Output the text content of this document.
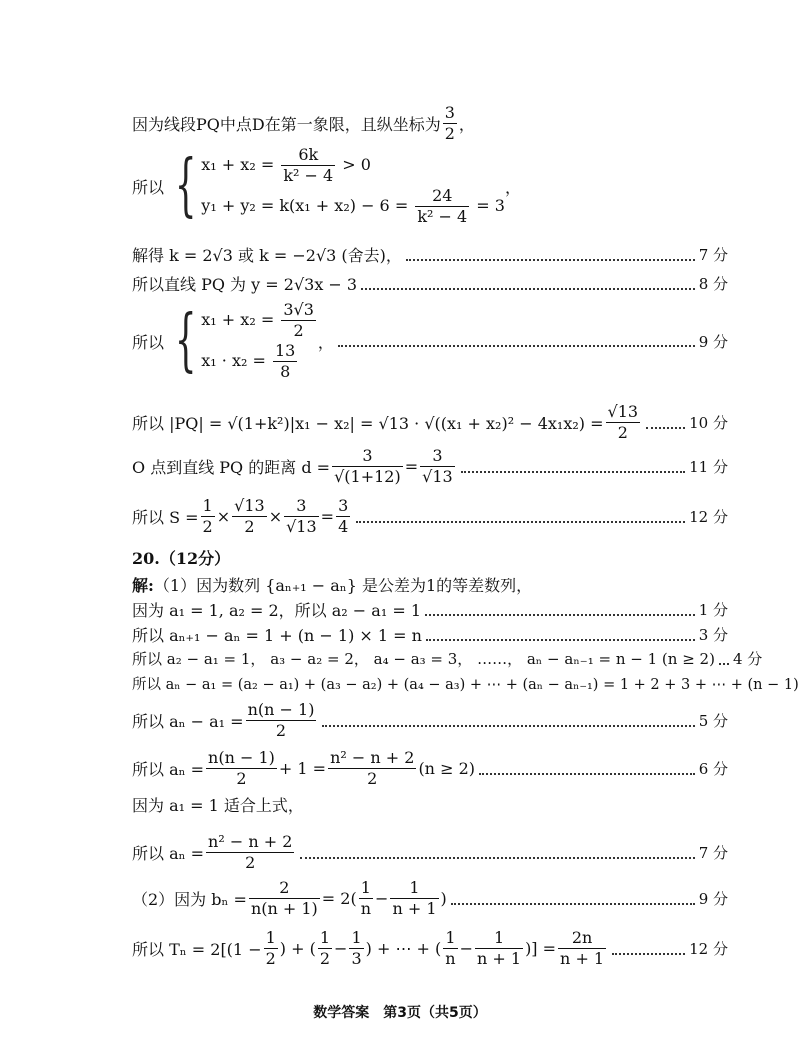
因为线段PQ中点D在第一象限，且纵坐标为 $\frac{3}{2}$ ，
所以 { $x_1 + x_2 = \frac{6k}{\text{k² − 4}} > 0$
$y_1 + y_2 = k(x_1 + x_2) - 6 = \frac{24}{\text{k² − 4}} = 3$
，
解得 k = 2√3 或 k = −2√3 (舍去)，	7 分
所以直线 PQ 为 y = 2√3x − 3	8 分
所以 { $x_1 + x_2 = \frac{3√3}{2}$
$x_1 \cdot x_2 = \frac{13}{8}$ ，	9 分
所以 $|PQ| = √(1+k^2)|x_1 - x_2| = √13 \cdot √((x_1 + x_2)^2 - 4x_1x_2) = \frac{√13}{2}$	10 分
O 点到直线 PQ 的距离 $d = \frac{3}{√(1+12)} = \frac{3}{√13}$	11 分
所以 $S = \frac{1}{2} \times \frac{√13}{2} \times \frac{3}{√13} = \frac{3}{4}$	12 分
20.（12分）
解: （1）因为数列 {aₙ₊₁ − aₙ} 是公差为1的等差数列，
因为 a₁ = 1, a₂ = 2，所以 a₂ − a₁ = 1	1 分
所以 aₙ₊₁ − aₙ = 1 + (n − 1) × 1 = n	3 分
所以 a₂ − a₁ = 1， a₃ − a₂ = 2， a₄ − a₃ = 3， ……， aₙ − aₙ₋₁ = n − 1 (n ≥ 2) 4 分
所以 aₙ − a₁ = (a₂ − a₁) + (a₃ − a₂) + (a₄ − a₃) + ⋯ + (aₙ − aₙ₋₁) = 1 + 2 + 3 + ⋯ + (n − 1)
所以 $a_n - a_1 = \frac{n(n - 1)}{2}$	5 分
所以 $a_n = \frac{n(n - 1)}{2} + 1 = \frac{\text{n² − n + 2}}{2} (n \ge 2)$	6 分
因为 a₁ = 1 适合上式，
所以 $a_n = \frac{\text{n² − n + 2}}{2}$	7 分
（2）因为 $b_n = \frac{2}{n(n + 1)} = 2( \frac{1}{n} - \frac{1}{n + 1}$ )	9 分
所以 $T_n = 2[(1 - \frac{1}{2}$ ) + ( $\frac{1}{2} - \frac{1}{3}$ ) + ⋯ + ( $\frac{1}{n} - \frac{1}{n + 1}$ )] = $\frac{2n}{n + 1}$	12 分
数学答案　第3页（共5页）
